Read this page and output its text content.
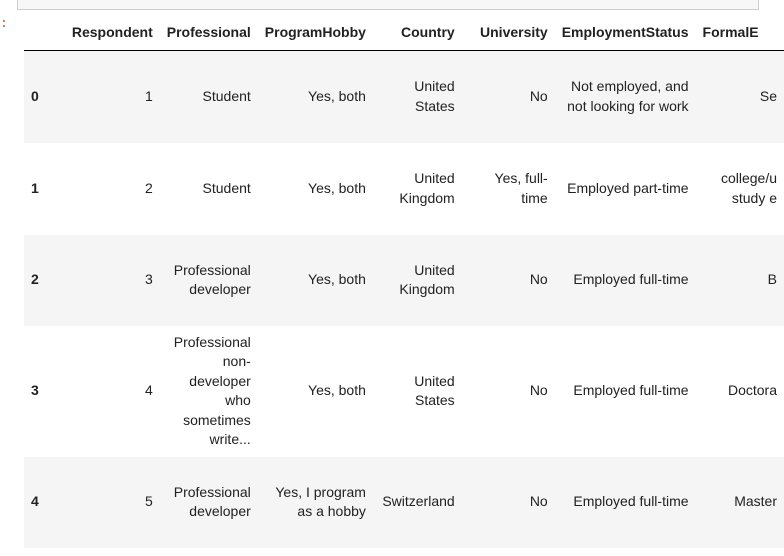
:
	Respondent	Professional	ProgramHobby	Country	University	EmploymentStatus	FormalE
0	1	Student	Yes, both	United States	No	Not employed, and not looking for work	Se
1	2	Student	Yes, both	United Kingdom	Yes, full-time	Employed part-time	college/u study e
2	3	Professional developer	Yes, both	United Kingdom	No	Employed full-time	B
3	4	Professional non-developer who sometimes write...	Yes, both	United States	No	Employed full-time	Doctora
4	5	Professional developer	Yes, I program as a hobby	Switzerland	No	Employed full-time	Master
